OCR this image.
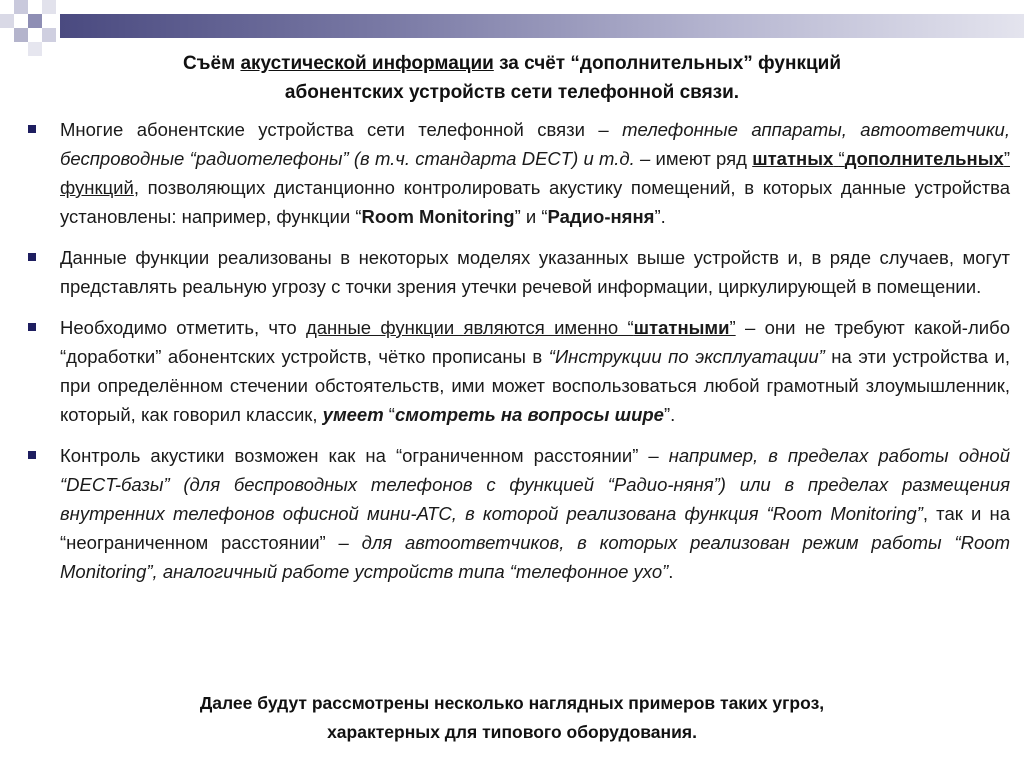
Съём акустической информации за счёт “дополнительных” функций
абонентских устройств сети телефонной связи.
Многие абонентские устройства сети телефонной связи – телефонные аппараты, автоответчики, беспроводные “радиотелефоны” (в т.ч. стандарта DECT) и т.д. – имеют ряд штатных “дополнительных” функций, позволяющих дистанционно контролировать акустику помещений, в которых данные устройства установлены: например, функции “Room Monitoring” и “Радио-няня”.
Данные функции реализованы в некоторых моделях указанных выше устройств и, в ряде случаев, могут представлять реальную угрозу с точки зрения утечки речевой информации, циркулирующей в помещении.
Необходимо отметить, что данные функции являются именно “штатными” – они не требуют какой-либо “доработки” абонентских устройств, чётко прописаны в “Инструкции по эксплуатации” на эти устройства и, при определённом стечении обстоятельств, ими может воспользоваться любой грамотный злоумышленник, который, как говорил классик, умеет “смотреть на вопросы шире”.
Контроль акустики возможен как на “ограниченном расстоянии” – например, в пределах работы одной “DECT-базы” (для беспроводных телефонов с функцией “Радио-няня”) или в пределах размещения внутренних телефонов офисной мини-АТС, в которой реализована функция “Room Monitoring”, так и на “неограниченном расстоянии” – для автоответчиков, в которых реализован режим работы “Room Monitoring”, аналогичный работе устройств типа “телефонное ухо”.
Далее будут рассмотрены несколько наглядных примеров таких угроз,
характерных для типового оборудования.
